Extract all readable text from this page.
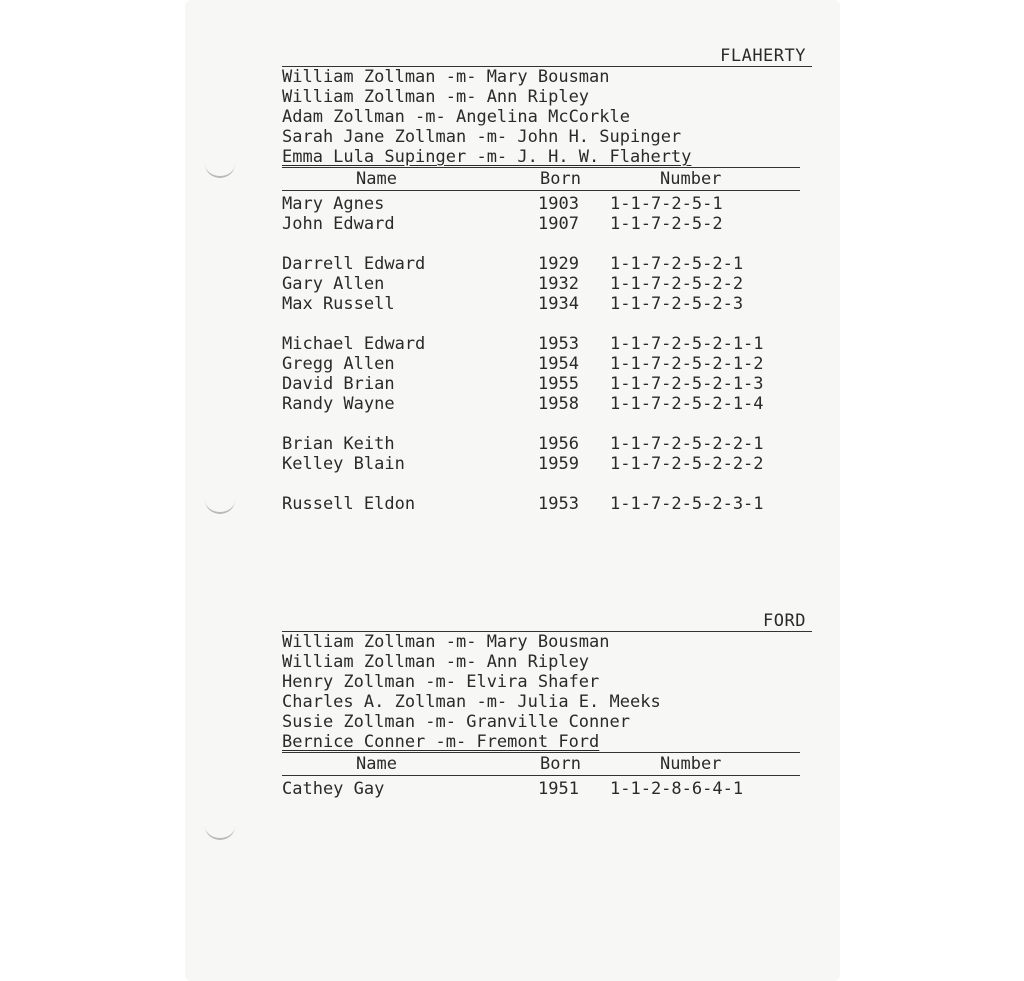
FLAHERTY
William Zollman -m- Mary Bousman
William Zollman -m- Ann Ripley
Adam Zollman -m- Angelina McCorkle
Sarah Jane Zollman -m- John H. Supinger
Emma Lula Supinger -m- J. H. W. Flaherty
Name	Born	Number
Mary Agnes	1903 1-1-7-2-5-1
John Edward	1907 1-1-7-2-5-2
Darrell Edward	1929 1-1-7-2-5-2-1
Gary Allen	1932 1-1-7-2-5-2-2
Max Russell	1934 1-1-7-2-5-2-3
Michael Edward	1953 1-1-7-2-5-2-1-1
Gregg Allen	1954 1-1-7-2-5-2-1-2
David Brian	1955 1-1-7-2-5-2-1-3
Randy Wayne	1958 1-1-7-2-5-2-1-4
Brian Keith	1956 1-1-7-2-5-2-2-1
Kelley Blain	1959 1-1-7-2-5-2-2-2
Russell Eldon	1953 1-1-7-2-5-2-3-1
FORD
William Zollman -m- Mary Bousman
William Zollman -m- Ann Ripley
Henry Zollman -m- Elvira Shafer
Charles A. Zollman -m- Julia E. Meeks
Susie Zollman -m- Granville Conner
Bernice Conner -m- Fremont Ford
Name	Born	Number
Cathey Gay	1951 1-1-2-8-6-4-1
